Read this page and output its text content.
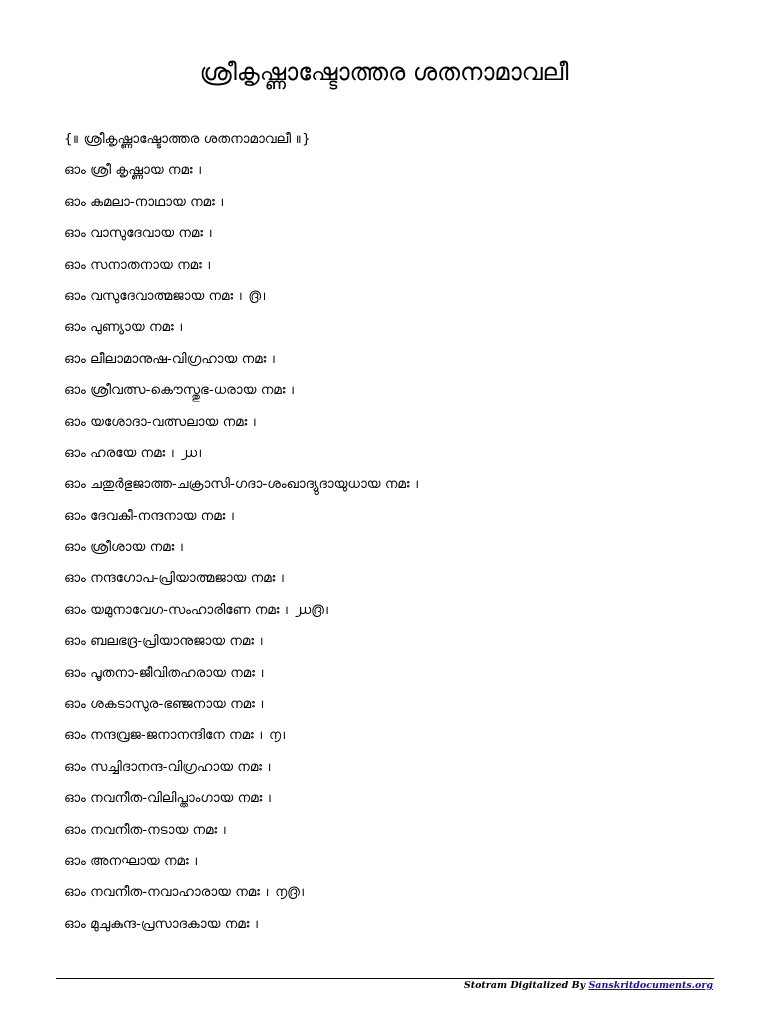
ശ്രീകൃഷ്ണാഷ്ടോത്തര ശതനാമാവലീ
{॥ ശ്രീകൃഷ്ണാഷ്ടോത്തര ശതനാമാവലീ ॥}
ഓം ശ്രീ കൃഷ്ണായ നമഃ ।
ഓം കമലാ-നാഥായ നമഃ ।
ഓം വാസുദേവായ നമഃ ।
ഓം സനാതനായ നമഃ ।
ഓം വസുദേവാത്മജായ നമഃ । ൫।
ഓം പുണ്യായ നമഃ ।
ഓം ലീലാമാനുഷ-വിഗ്രഹായ നമഃ ।
ഓം ശ്രീവത്സ-കൌസ്തുഭ-ധരായ നമഃ ।
ഓം യശോദാ-വത്സലായ നമഃ ।
ഓം ഹരയേ നമഃ । ൰।
ഓം ചതുർഭുജാത്ത-ചക്രാസി-ഗദാ-ശംഖാദ്യുദായുധായ നമഃ ।
ഓം ദേവകീ-നന്ദനായ നമഃ ।
ഓം ശ്രീശായ നമഃ ।
ഓം നന്ദഗോപ-പ്രിയാത്മജായ നമഃ ।
ഓം യമുനാവേഗ-സംഹാരിണേ നമഃ । ൰൫।
ഓം ബലഭദ്ര-പ്രിയാനുജായ നമഃ ।
ഓം പൂതനാ-ജീവിതഹരായ നമഃ ।
ഓം ശകടാസുര-ഭഞ്ജനായ നമഃ ।
ഓം നന്ദവ്രജ-ജനാനന്ദിനേ നമഃ । ൱।
ഓം സച്ചിദാനന്ദ-വിഗ്രഹായ നമഃ ।
ഓം നവനീത-വിലിപ്താംഗായ നമഃ ।
ഓം നവനീത-നടായ നമഃ ।
ഓം അനഘായ നമഃ ।
ഓം നവനീത-നവാഹാരായ നമഃ । ൱൫।
ഓം മുചുകുന്ദ-പ്രസാദകായ നമഃ ।
Stotram Digitalized By Sanskritdocuments.org
